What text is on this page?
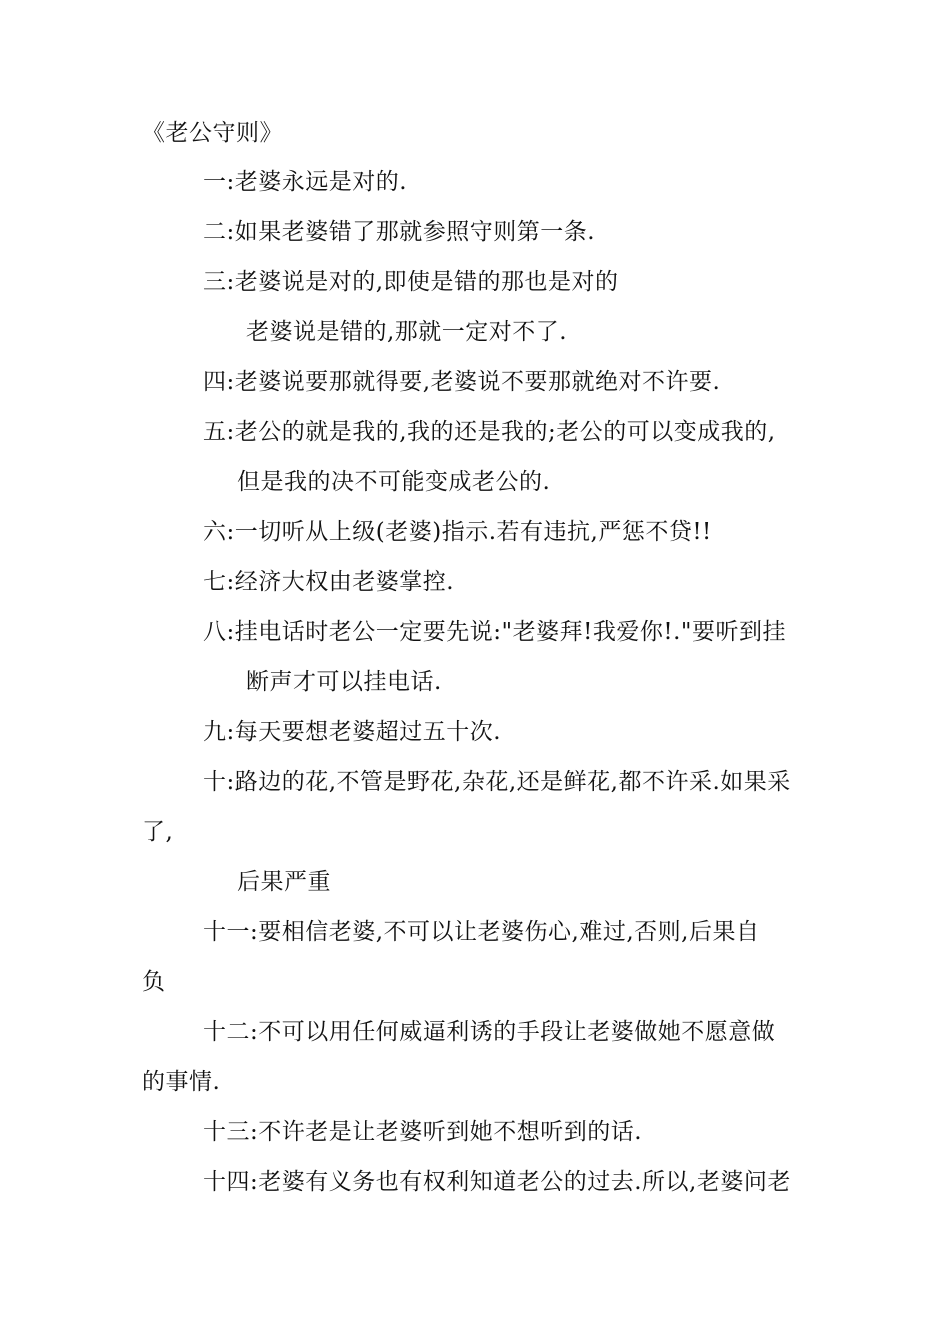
《老公守则》
一:老婆永远是对的.
二:如果老婆错了那就参照守则第一条.
三:老婆说是对的,即使是错的那也是对的
老婆说是错的,那就一定对不了.
四:老婆说要那就得要,老婆说不要那就绝对不许要.
五:老公的就是我的,我的还是我的;老公的可以变成我的,
但是我的决不可能变成老公的.
六:一切听从上级(老婆)指示.若有违抗,严惩不贷!!
七:经济大权由老婆掌控.
八:挂电话时老公一定要先说:"老婆拜!我爱你!."要听到挂
断声才可以挂电话.
九:每天要想老婆超过五十次.
十:路边的花,不管是野花,杂花,还是鲜花,都不许采.如果采
了,
后果严重
十一:要相信老婆,不可以让老婆伤心,难过,否则,后果自
负
十二:不可以用任何威逼利诱的手段让老婆做她不愿意做
的事情.
十三:不许老是让老婆听到她不想听到的话.
十四:老婆有义务也有权利知道老公的过去.所以,老婆问老
